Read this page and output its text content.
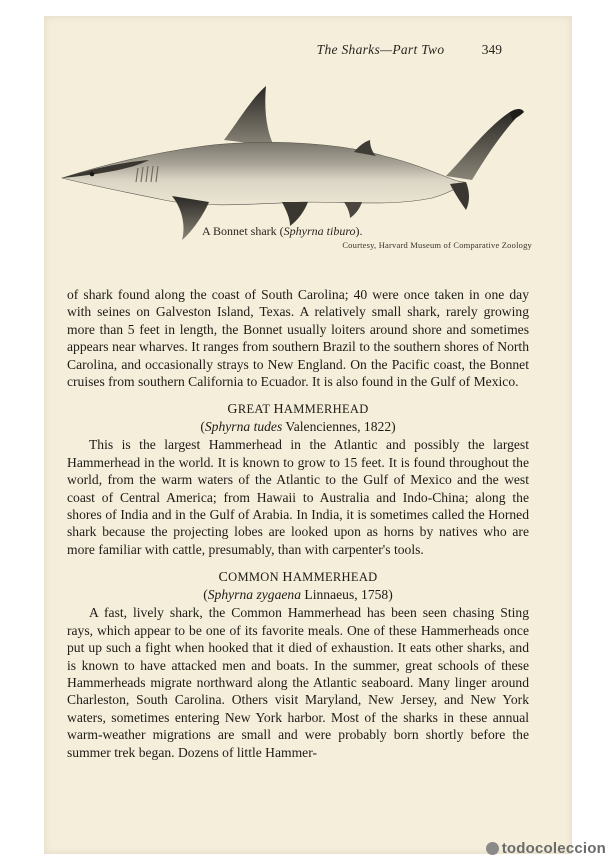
The Sharks—Part Two	349
A Bonnet shark (Sphyrna tiburo).
Courtesy, Harvard Museum of Comparative Zoology

of shark found along the coast of South Carolina; 40 were once taken in one day with seines on Galveston Island, Texas. A relatively small shark, rarely growing more than 5 feet in length, the Bonnet usually loiters around shore and sometimes appears near wharves. It ranges from southern Brazil to the southern shores of North Carolina, and occasionally strays to New England. On the Pacific coast, the Bonnet cruises from southern California to Ecuador. It is also found in the Gulf of Mexico.

GREAT HAMMERHEAD
(Sphyrna tudes Valenciennes, 1822)

This is the largest Hammerhead in the Atlantic and possibly the largest Hammerhead in the world. It is known to grow to 15 feet. It is found throughout the world, from the warm waters of the Atlantic to the Gulf of Mexico and the west coast of Central America; from Hawaii to Australia and Indo-China; along the shores of India and in the Gulf of Arabia. In India, it is sometimes called the Horned shark because the projecting lobes are looked upon as horns by natives who are more familiar with cattle, presumably, than with carpenter's tools.

COMMON HAMMERHEAD
(Sphyrna zygaena Linnaeus, 1758)

A fast, lively shark, the Common Hammerhead has been seen chasing Sting rays, which appear to be one of its favorite meals. One of these Hammerheads once put up such a fight when hooked that it died of exhaustion. It eats other sharks, and is known to have attacked men and boats. In the summer, great schools of these Hammerheads migrate northward along the Atlantic seaboard. Many linger around Charleston, South Carolina. Others visit Maryland, New Jersey, and New York waters, sometimes entering New York harbor. Most of the sharks in these annual warm-weather migrations are small and were probably born shortly before the summer trek began. Dozens of little Hammer-

todocoleccion
